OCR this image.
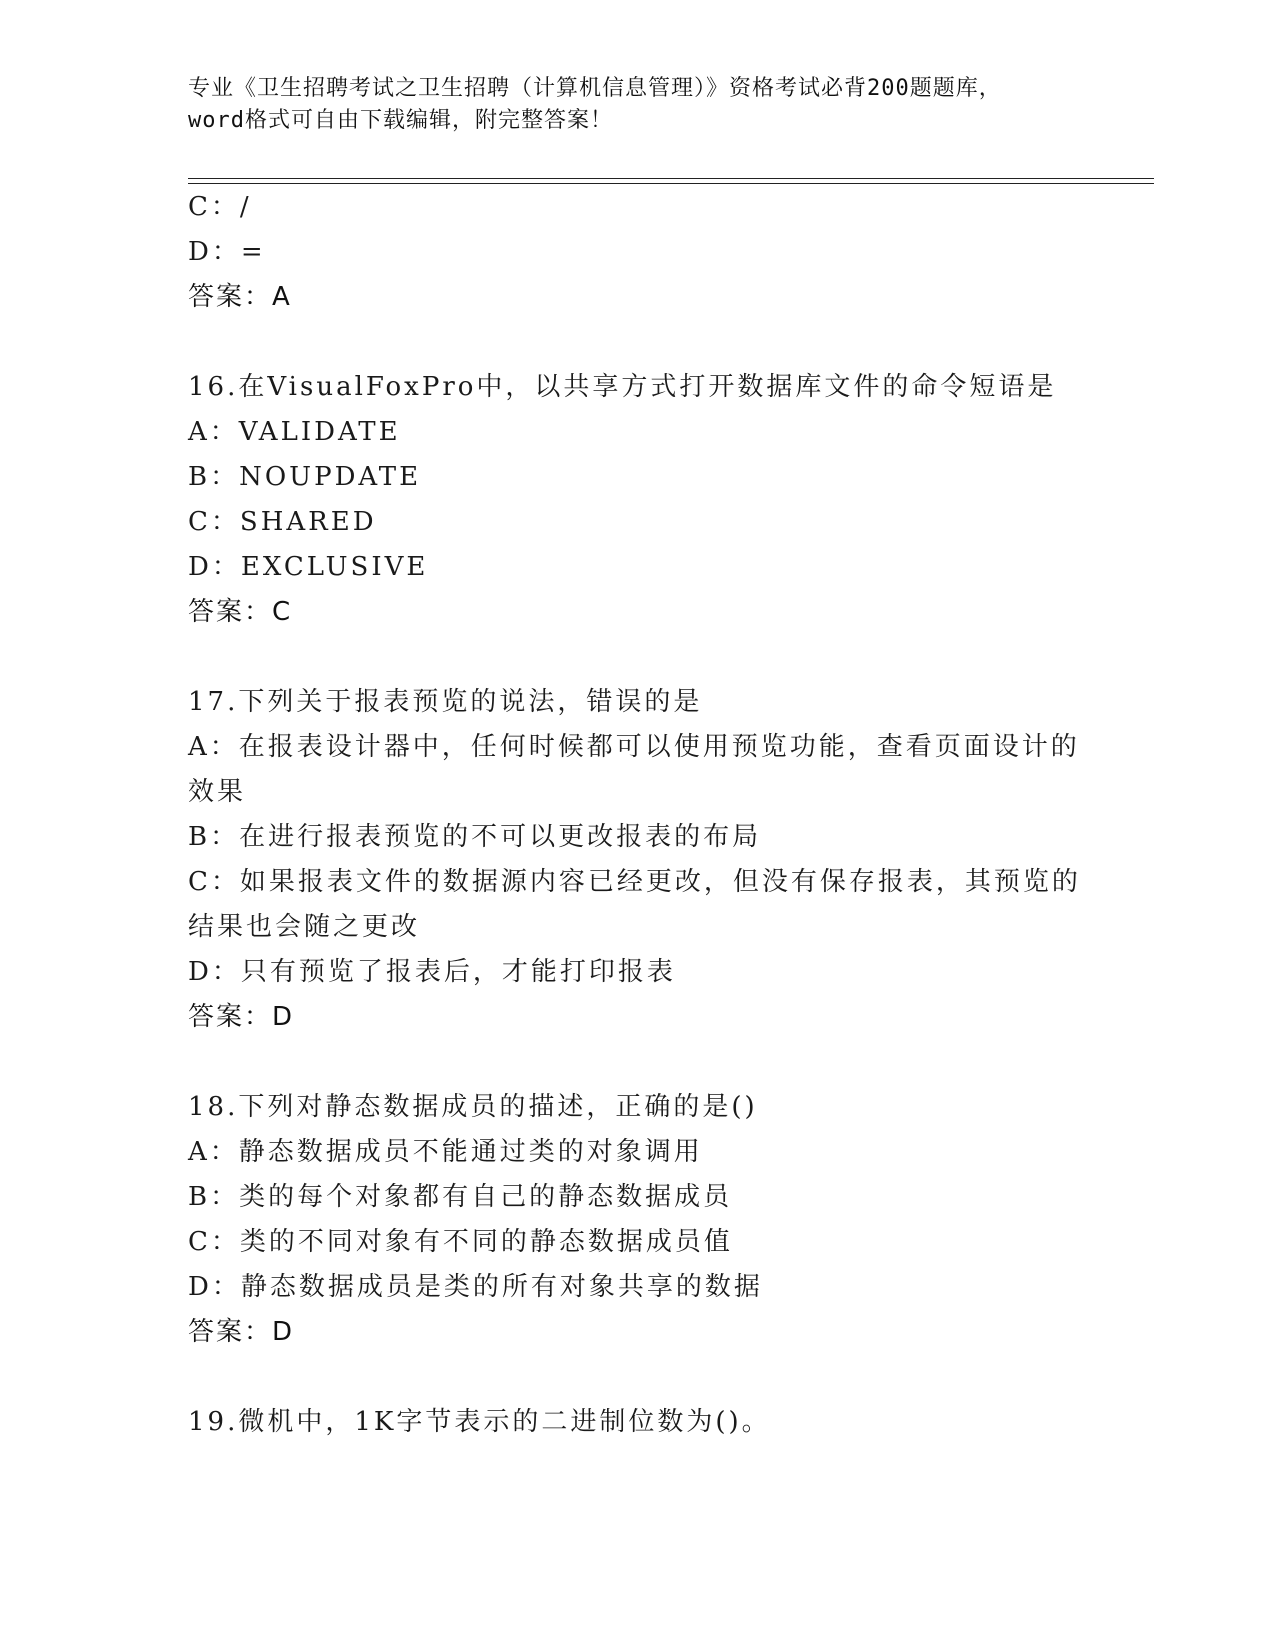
专业《卫生招聘考试之卫生招聘（计算机信息管理）》资格考试必背200题题库，
word格式可自由下载编辑，附完整答案！
C：/
D：=
答案：A
16.在VisualFoxPro中，以共享方式打开数据库文件的命令短语是
A：VALIDATE
B：NOUPDATE
C：SHARED
D：EXCLUSIVE
答案：C
17.下列关于报表预览的说法，错误的是
A：在报表设计器中，任何时候都可以使用预览功能，查看页面设计的
效果
B：在进行报表预览的不可以更改报表的布局
C：如果报表文件的数据源内容已经更改，但没有保存报表，其预览的
结果也会随之更改
D：只有预览了报表后，才能打印报表
答案：D
18.下列对静态数据成员的描述，正确的是()
A：静态数据成员不能通过类的对象调用
B：类的每个对象都有自己的静态数据成员
C：类的不同对象有不同的静态数据成员值
D：静态数据成员是类的所有对象共享的数据
答案：D
19.微机中，1K字节表示的二进制位数为()。
